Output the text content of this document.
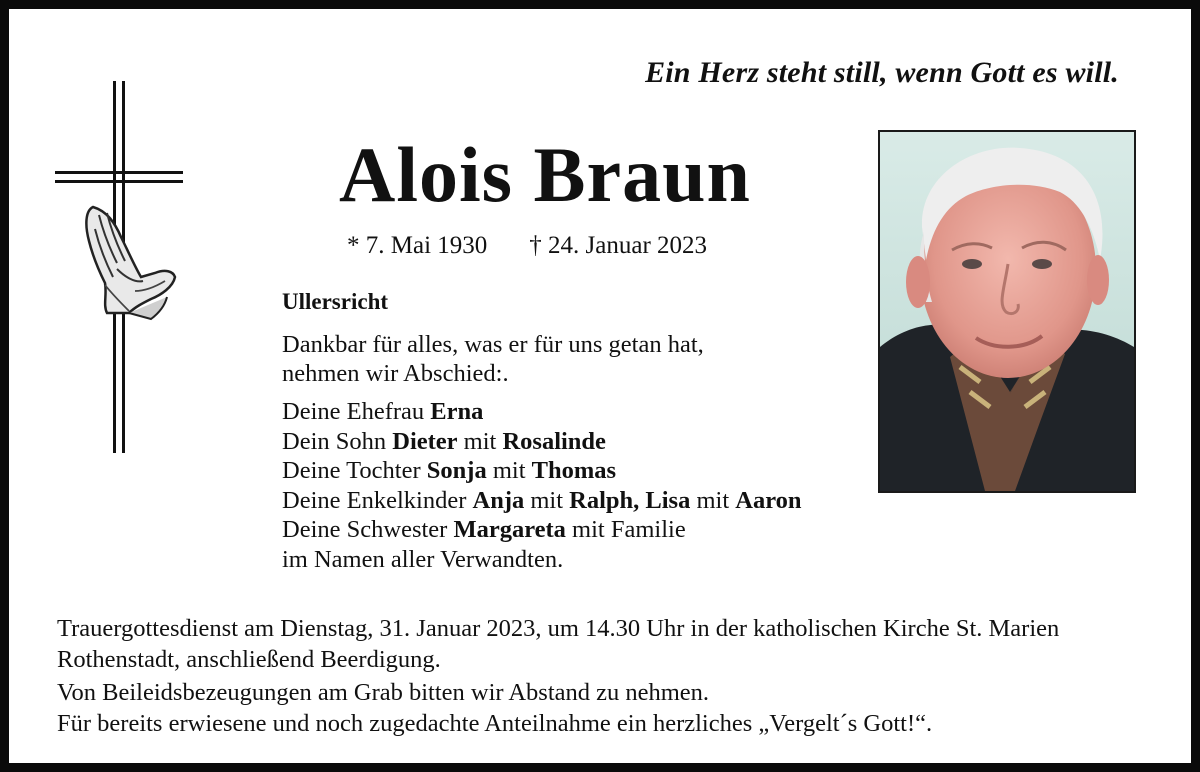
Ein Herz steht still, wenn Gott es will.
Alois Braun
* 7. Mai 1930 † 24. Januar 2023
Ullersricht
Dankbar für alles, was er für uns getan hat,
nehmen wir Abschied:.
Deine Ehefrau Erna
Dein Sohn Dieter mit Rosalinde
Deine Tochter Sonja mit Thomas
Deine Enkelkinder Anja mit Ralph, Lisa mit Aaron
Deine Schwester Margareta mit Familie
im Namen aller Verwandten.

Trauergottesdienst am Dienstag, 31. Januar 2023, um 14.30 Uhr in der katholischen Kirche St. Marien

Rothenstadt, anschließend Beerdigung.

Von Beileidsbezeugungen am Grab bitten wir Abstand zu nehmen.

Für bereits erwiesene und noch zugedachte Anteilnahme ein herzliches „Vergelt´s Gott!“.
